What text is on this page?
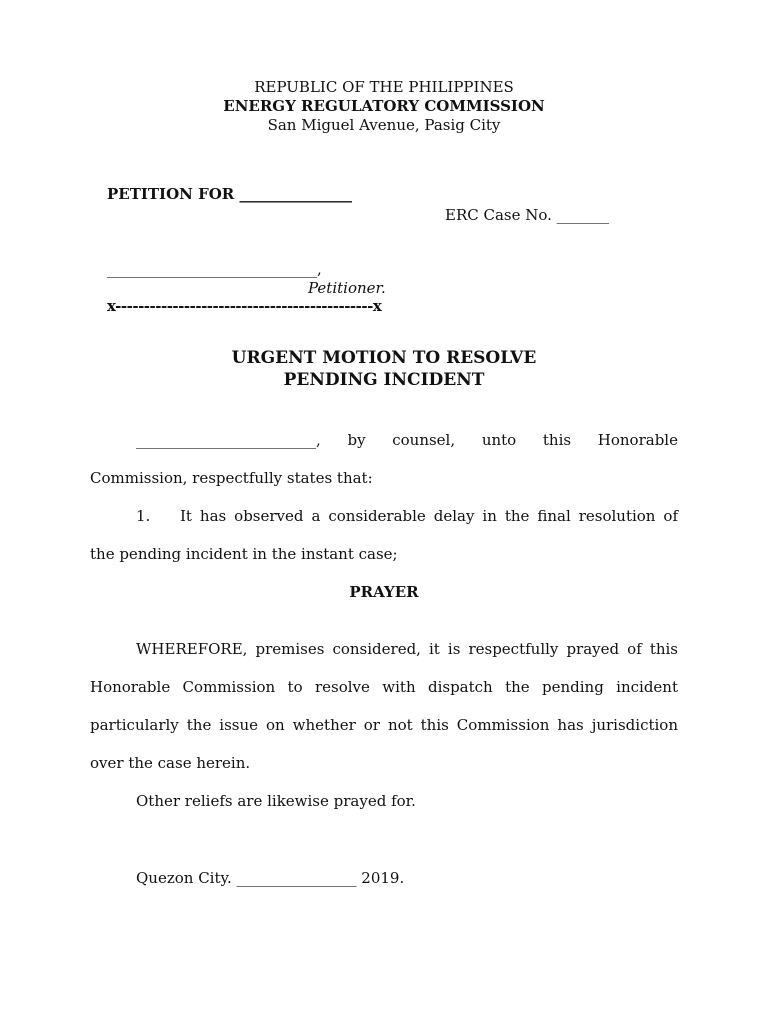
REPUBLIC OF THE PHILIPPINES
ENERGY REGULATORY COMMISSION
San Miguel Avenue, Pasig City
PETITION FOR _______________
ERC Case No. _______
____________________________,
Petitioner.
x---------------------------------------------x
URGENT MOTION TO RESOLVE
PENDING INCIDENT
________________________, by counsel, unto this Honorable
Commission, respectfully states that:
1. It has observed a considerable delay in the final resolution of
the pending incident in the instant case;
PRAYER
WHEREFORE, premises considered, it is respectfully prayed of this
Honorable Commission to resolve with dispatch the pending incident
particularly the issue on whether or not this Commission has jurisdiction
over the case herein.
Other reliefs are likewise prayed for.
Quezon City. ________________ 2019.
